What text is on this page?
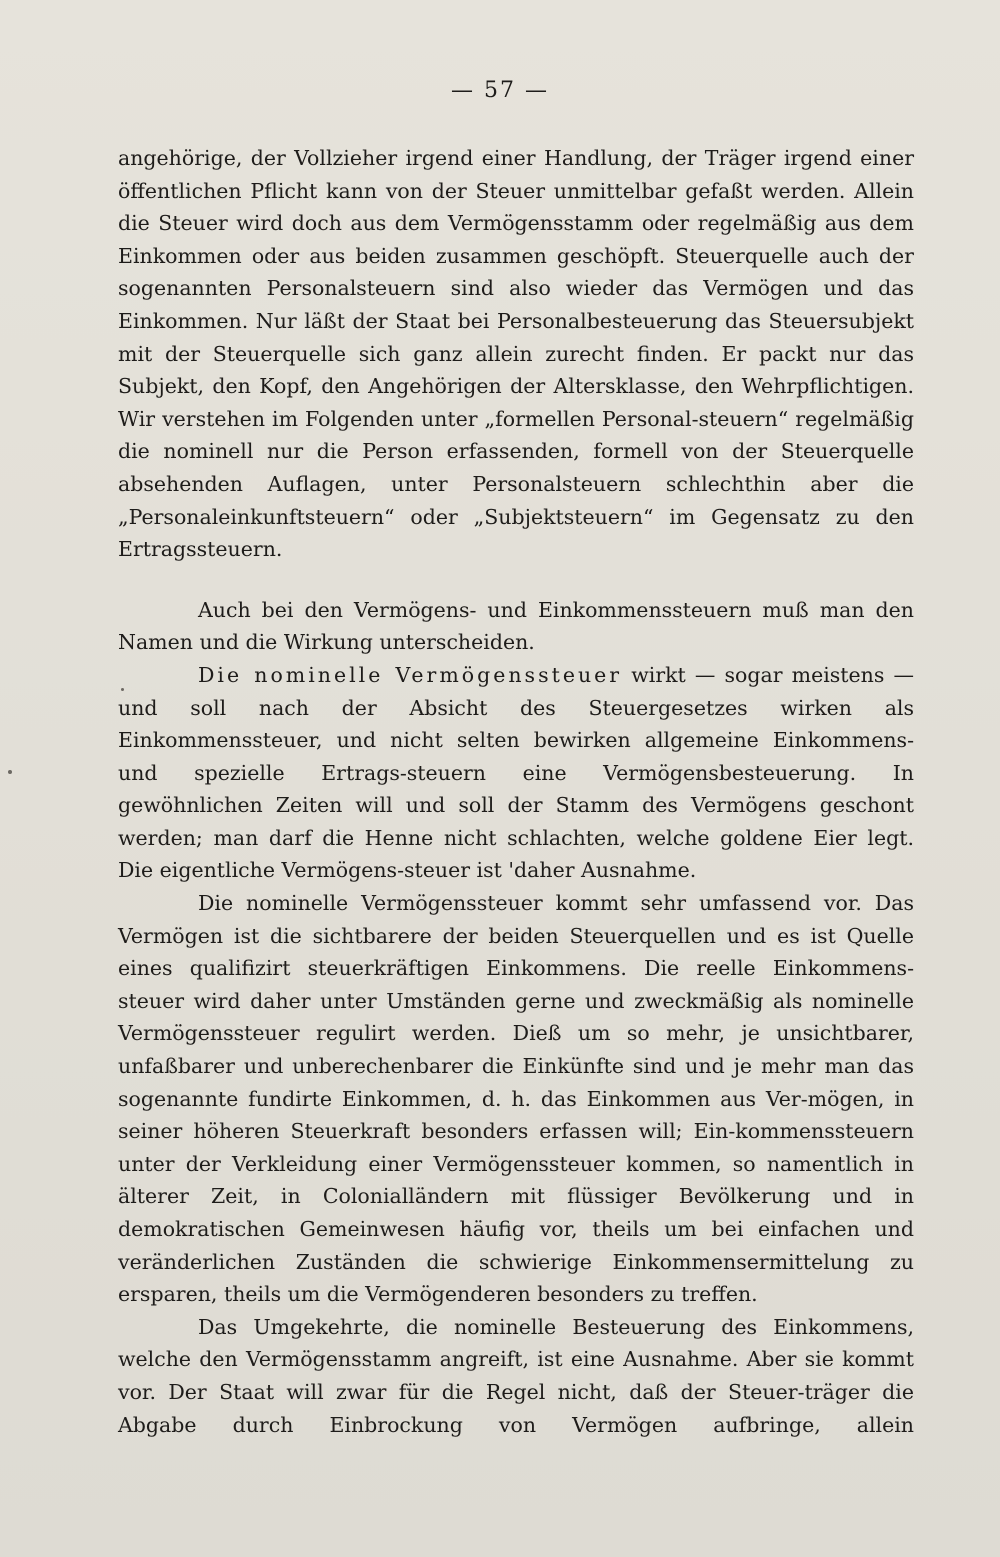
— 57 —

angehörige, der Vollzieher irgend einer Handlung, der Träger irgend einer öffentlichen Pflicht kann von der Steuer unmittelbar gefaßt werden. Allein die Steuer wird doch aus dem Vermögensstamm oder regelmäßig aus dem Einkommen oder aus beiden zusammen geschöpft. Steuerquelle auch der sogenannten Personalsteuern sind also wieder das Vermögen und das Einkommen. Nur läßt der Staat bei Personalbesteuerung das Steuersubjekt mit der Steuerquelle sich ganz allein zurecht finden. Er packt nur das Subjekt, den Kopf, den Angehörigen der Altersklasse, den Wehrpflichtigen. Wir verstehen im Folgenden unter „formellen Personal-steuern“ regelmäßig die nominell nur die Person erfassenden, formell von der Steuerquelle absehenden Auflagen, unter Personalsteuern schlechthin aber die „Personaleinkunftsteuern“ oder „Subjektsteuern“ im Gegensatz zu den Ertragssteuern.

Auch bei den Vermögens- und Einkommenssteuern muß man den Namen und die Wirkung unterscheiden.

Die nominelle Vermögenssteuer wirkt — sogar meistens — und soll nach der Absicht des Steuergesetzes wirken als Einkommenssteuer, und nicht selten bewirken allgemeine Einkommens- und spezielle Ertrags-steuern eine Vermögensbesteuerung. In gewöhnlichen Zeiten will und soll der Stamm des Vermögens geschont werden; man darf die Henne nicht schlachten, welche goldene Eier legt. Die eigentliche Vermögens-steuer ist 'daher Ausnahme.

Die nominelle Vermögenssteuer kommt sehr umfassend vor. Das Vermögen ist die sichtbarere der beiden Steuerquellen und es ist Quelle eines qualifizirt steuerkräftigen Einkommens. Die reelle Einkommens-steuer wird daher unter Umständen gerne und zweckmäßig als nominelle Vermögenssteuer regulirt werden. Dieß um so mehr, je unsichtbarer, unfaßbarer und unberechenbarer die Einkünfte sind und je mehr man das sogenannte fundirte Einkommen, d. h. das Einkommen aus Ver-mögen, in seiner höheren Steuerkraft besonders erfassen will; Ein-kommenssteuern unter der Verkleidung einer Vermögenssteuer kommen, so namentlich in älterer Zeit, in Colonialländern mit flüssiger Bevölkerung und in demokratischen Gemeinwesen häufig vor, theils um bei einfachen und veränderlichen Zuständen die schwierige Einkommensermittelung zu ersparen, theils um die Vermögenderen besonders zu treffen.

Das Umgekehrte, die nominelle Besteuerung des Einkommens, welche den Vermögensstamm angreift, ist eine Ausnahme. Aber sie kommt vor. Der Staat will zwar für die Regel nicht, daß der Steuer-träger die Abgabe durch Einbrockung von Vermögen aufbringe, allein
